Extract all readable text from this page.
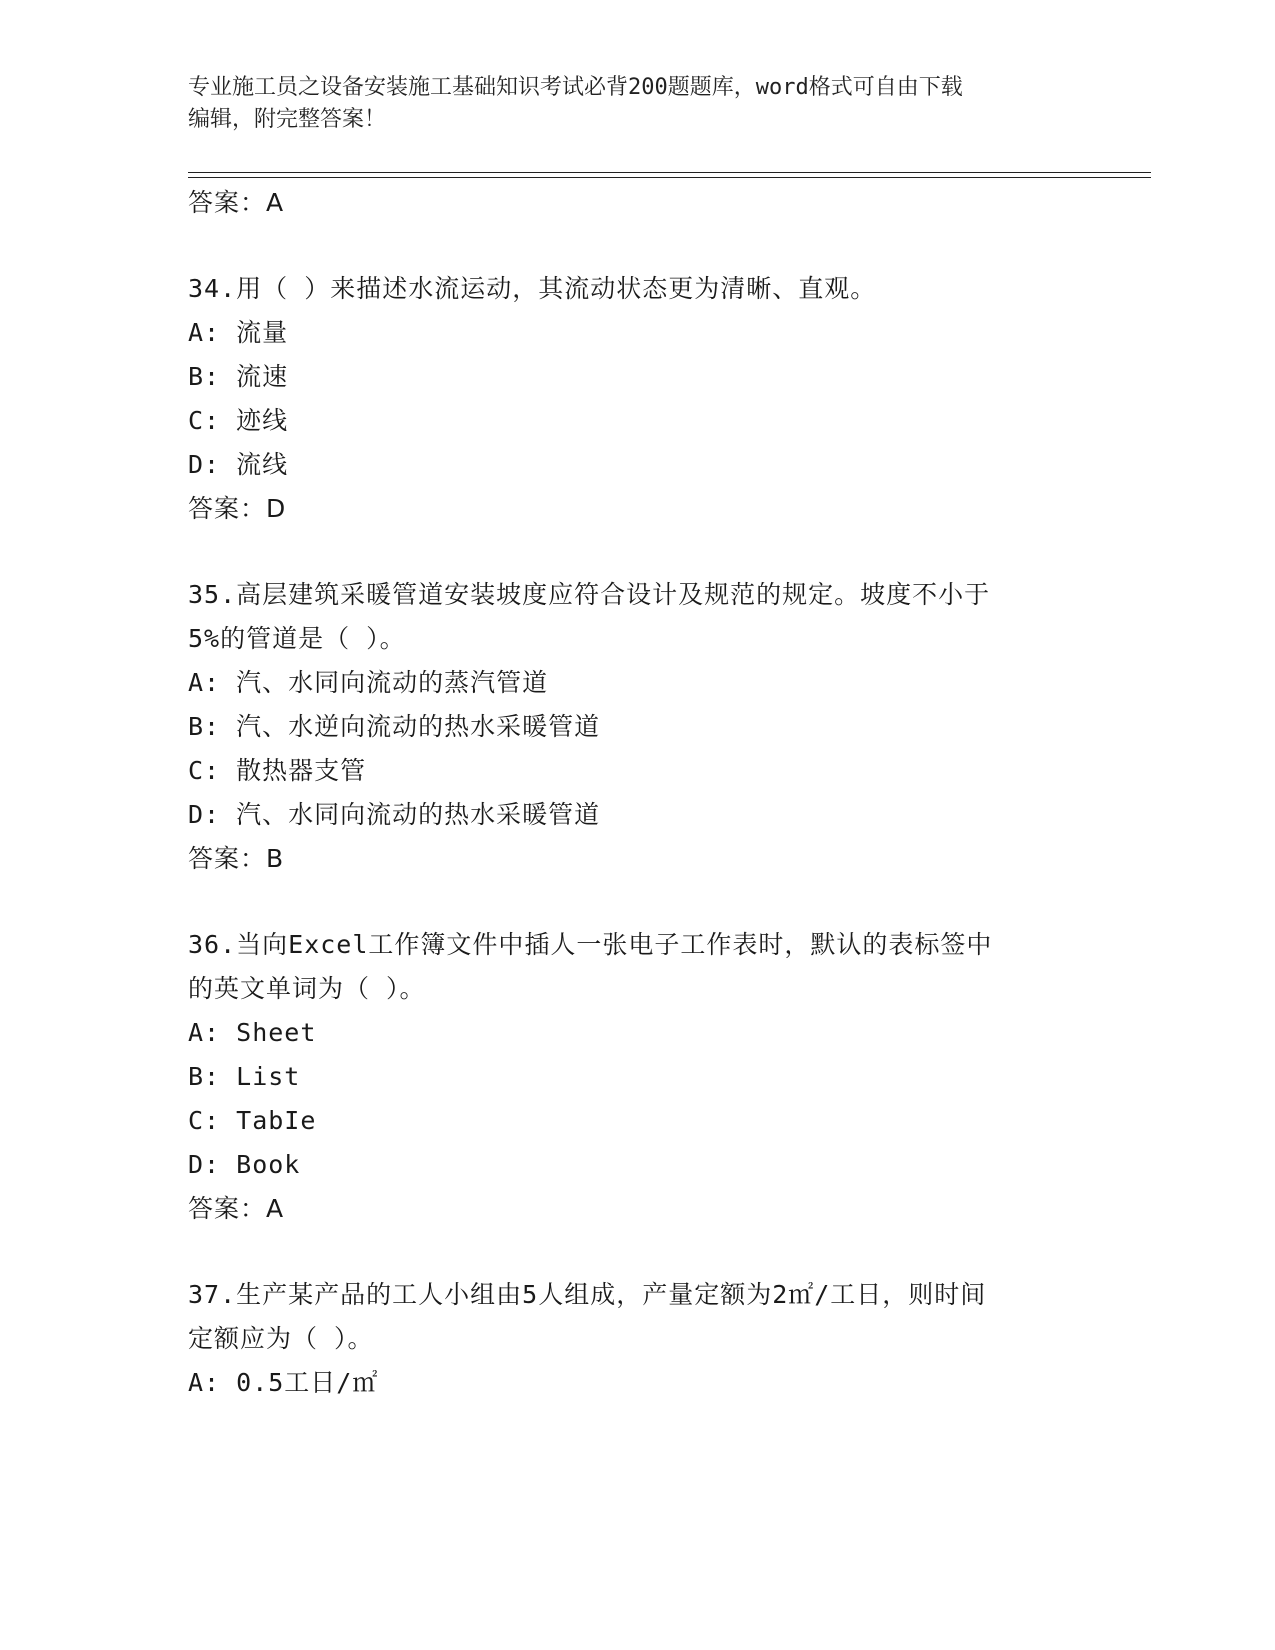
专业施工员之设备安装施工基础知识考试必背200题题库，word格式可自由下载
编辑，附完整答案！
答案：A
34.用（ ）来描述水流运动，其流动状态更为清晰、直观。
A: 流量
B: 流速
C: 迹线
D: 流线
答案：D
35.高层建筑采暖管道安装坡度应符合设计及规范的规定。坡度不小于
5%的管道是（ ）。
A: 汽、水同向流动的蒸汽管道
B: 汽、水逆向流动的热水采暖管道
C: 散热器支管
D: 汽、水同向流动的热水采暖管道
答案：B
36.当向Excel工作簿文件中插人一张电子工作表时，默认的表标签中
的英文单词为（ ）。
A: Sheet
B: List
C: TabIe
D: Book
答案：A
37.生产某产品的工人小组由5人组成，产量定额为2㎡/工日，则时间
定额应为（ ）。
A: 0.5工日/㎡
